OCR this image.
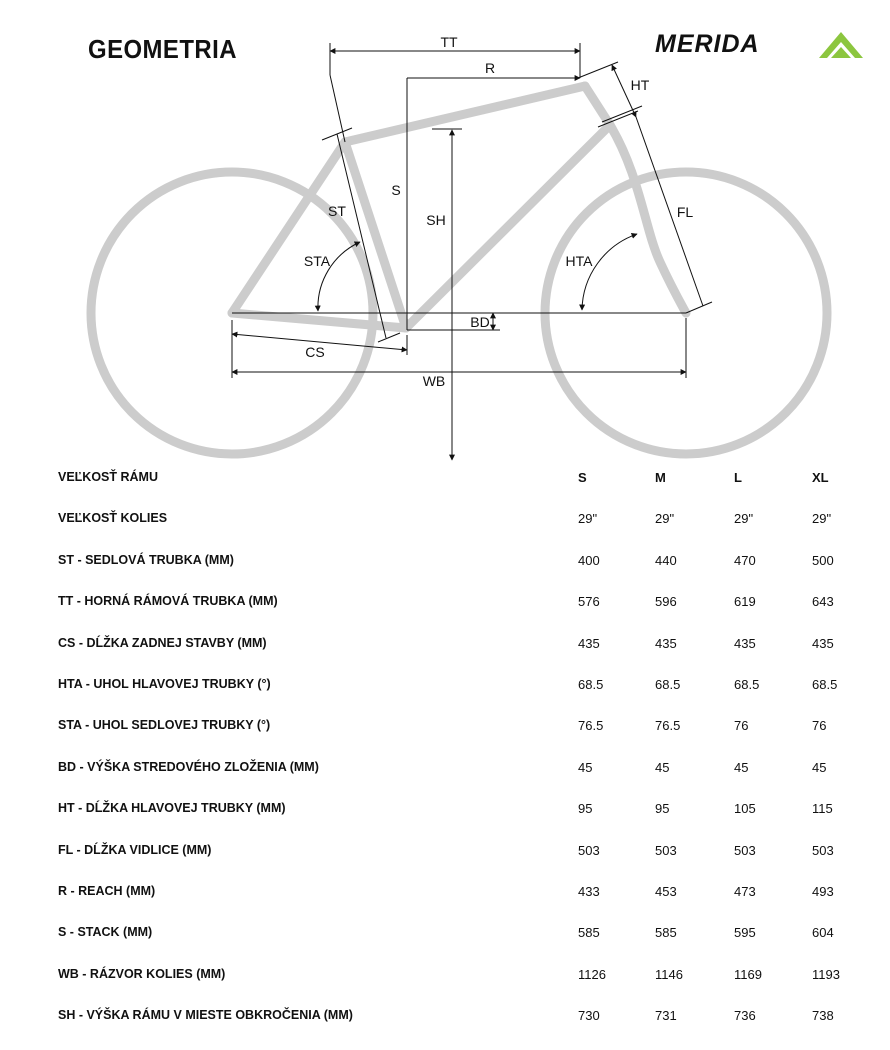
GEOMETRIA	MERIDA
TT
R
HT
S
SH
ST
STA
FL
HTA
BD
CS
WB
VEĽKOSŤ RÁMU	S	M	L	XL
VEĽKOSŤ KOLIES	29"	29"	29"	29"
ST - SEDLOVÁ TRUBKA (MM)	400	440	470	500
TT - HORNÁ RÁMOVÁ TRUBKA (MM)	576	596	619	643
CS - DĹŽKA ZADNEJ STAVBY (MM)	435	435	435	435
HTA - UHOL HLAVOVEJ TRUBKY (°)	68.5	68.5	68.5	68.5
STA - UHOL SEDLOVEJ TRUBKY (°)	76.5	76.5	76	76
BD - VÝŠKA STREDOVÉHO ZLOŽENIA (MM)	45	45	45	45
HT - DĹŽKA HLAVOVEJ TRUBKY (MM)	95	95	105	115
FL - DĹŽKA VIDLICE (MM)	503	503	503	503
R - REACH (MM)	433	453	473	493
S - STACK (MM)	585	585	595	604
WB - RÁZVOR KOLIES (MM)	1126	1146	1169	1193
SH - VÝŠKA RÁMU V MIESTE OBKROČENIA (MM)	730	731	736	738
